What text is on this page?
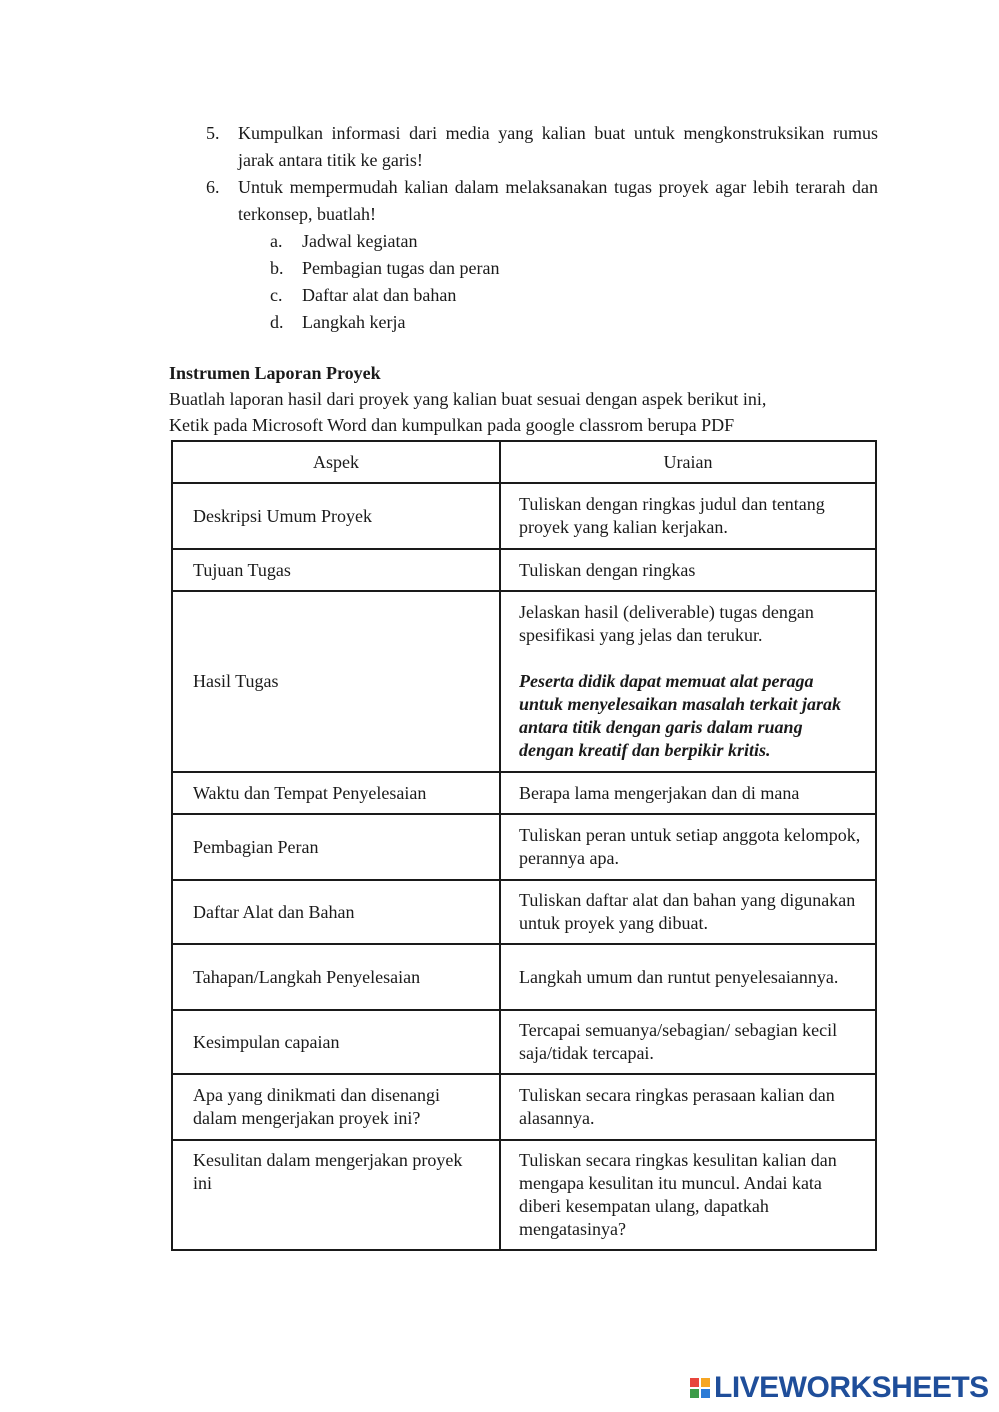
5.	Kumpulkan informasi dari media yang kalian buat untuk mengkonstruksikan rumus jarak antara titik ke garis!
6.	Untuk mempermudah kalian dalam melaksanakan tugas proyek agar lebih terarah dan terkonsep, buatlah!
a.	Jadwal kegiatan
b.	Pembagian tugas dan peran
c.	Daftar alat dan bahan
d.	Langkah kerja
Instrumen Laporan Proyek
Buatlah laporan hasil dari proyek yang kalian buat sesuai dengan aspek berikut ini,
Ketik pada Microsoft Word dan kumpulkan pada google classrom berupa PDF
Aspek	Uraian

Deskripsi Umum Proyek	Tuliskan dengan ringkas judul dan tentang proyek yang kalian kerjakan.

Tujuan Tugas	Tuliskan dengan ringkas

Hasil Tugas	Jelaskan hasil (deliverable) tugas dengan spesifikasi yang jelas dan terukur.
Peserta didik dapat memuat alat peraga untuk menyelesaikan masalah terkait jarak antara titik dengan garis dalam ruang dengan kreatif dan berpikir kritis.

Waktu dan Tempat Penyelesaian	Berapa lama mengerjakan dan di mana

Pembagian Peran	Tuliskan peran untuk setiap anggota kelompok, perannya apa.

Daftar Alat dan Bahan	Tuliskan daftar alat dan bahan yang digunakan untuk proyek yang dibuat.

Tahapan/Langkah Penyelesaian	Langkah umum dan runtut penyelesaiannya.

Kesimpulan capaian	Tercapai semuanya/sebagian/ sebagian kecil saja/tidak tercapai.

Apa yang dinikmati dan disenangi dalam mengerjakan proyek ini?	Tuliskan secara ringkas perasaan kalian dan alasannya.

Kesulitan dalam mengerjakan proyek ini	Tuliskan secara ringkas kesulitan kalian dan mengapa kesulitan itu muncul. Andai kata diberi kesempatan ulang, dapatkah mengatasinya?
LIVEWORKSHEETS
